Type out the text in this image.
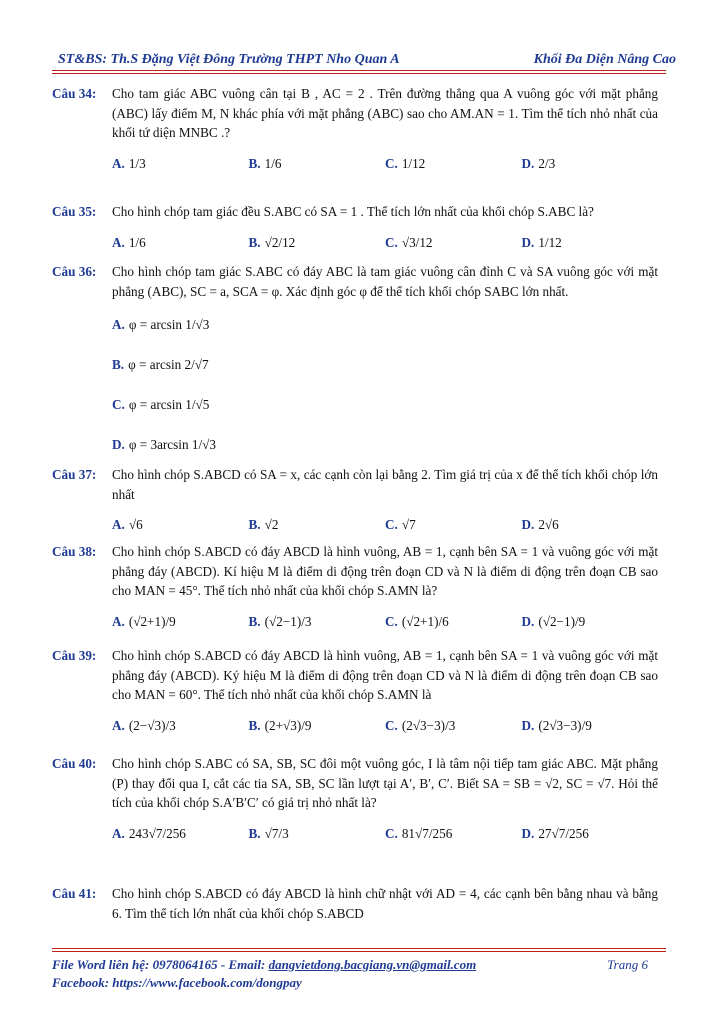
ST&BS: Th.S Đặng Việt Đông Trường THPT Nho Quan A	Khối Đa Diện Nâng Cao
Câu 34: Cho tam giác ABC vuông cân tại B , AC = 2 . Trên đường thẳng qua A vuông góc với mặt phẳng (ABC) lấy điểm M, N khác phía với mặt phẳng (ABC) sao cho AM.AN = 1. Tìm thể tích nhỏ nhất của khối tứ diện MNBC .?
A. 1/3	B. 1/6	C. 1/12	D. 2/3
Câu 35: Cho hình chóp tam giác đều S.ABC có SA = 1 . Thể tích lớn nhất của khối chóp S.ABC là?
A. 1/6	B. √2/12	C. √3/12	D. 1/12
Câu 36: Cho hình chóp tam giác S.ABC có đáy ABC là tam giác vuông cân đỉnh C và SA vuông góc với mặt phẳng (ABC), SC = a, SCA = φ. Xác định góc φ để thể tích khối chóp SABC lớn nhất.
A. φ = arcsin 1/√3
B. φ = arcsin 2/√7
C. φ = arcsin 1/√5
D. φ = 3arcsin 1/√3
Câu 37: Cho hình chóp S.ABCD có SA = x, các cạnh còn lại bằng 2. Tìm giá trị của x để thể tích khối chóp lớn nhất
A. √6	B. √2	C. √7	D. 2√6
Câu 38: Cho hình chóp S.ABCD có đáy ABCD là hình vuông, AB = 1, cạnh bên SA = 1 và vuông góc với mặt phẳng đáy (ABCD). Kí hiệu M là điểm di động trên đoạn CD và N là điểm di động trên đoạn CB sao cho MAN = 45°. Thể tích nhỏ nhất của khối chóp S.AMN là?
A. (√2+1)/9	B. (√2−1)/3	C. (√2+1)/6	D. (√2−1)/9
Câu 39: Cho hình chóp S.ABCD có đáy ABCD là hình vuông, AB = 1, cạnh bên SA = 1 và vuông góc với mặt phẳng đáy (ABCD). Ký hiệu M là điểm di động trên đoạn CD và N là điểm di động trên đoạn CB sao cho MAN = 60°. Thể tích nhỏ nhất của khối chóp S.AMN là
A. (2−√3)/3	B. (2+√3)/9	C. (2√3−3)/3	D. (2√3−3)/9
Câu 40: Cho hình chóp S.ABC có SA, SB, SC đôi một vuông góc, I là tâm nội tiếp tam giác ABC. Mặt phẳng (P) thay đổi qua I, cắt các tia SA, SB, SC lần lượt tại A′, B′, C′. Biết SA = SB = √2, SC = √7. Hỏi thể tích của khối chóp S.A′B′C′ có giá trị nhỏ nhất là?
A. 243√7/256	B. √7/3	C. 81√7/256	D. 27√7/256
Câu 41: Cho hình chóp S.ABCD có đáy ABCD là hình chữ nhật với AD = 4, các cạnh bên bằng nhau và bằng 6. Tìm thể tích lớn nhất của khối chóp S.ABCD
File Word liên hệ: 0978064165 - Email: dangvietdong.bacgiang.vn@gmail.com	Trang 6
Facebook: https://www.facebook.com/dongpay
